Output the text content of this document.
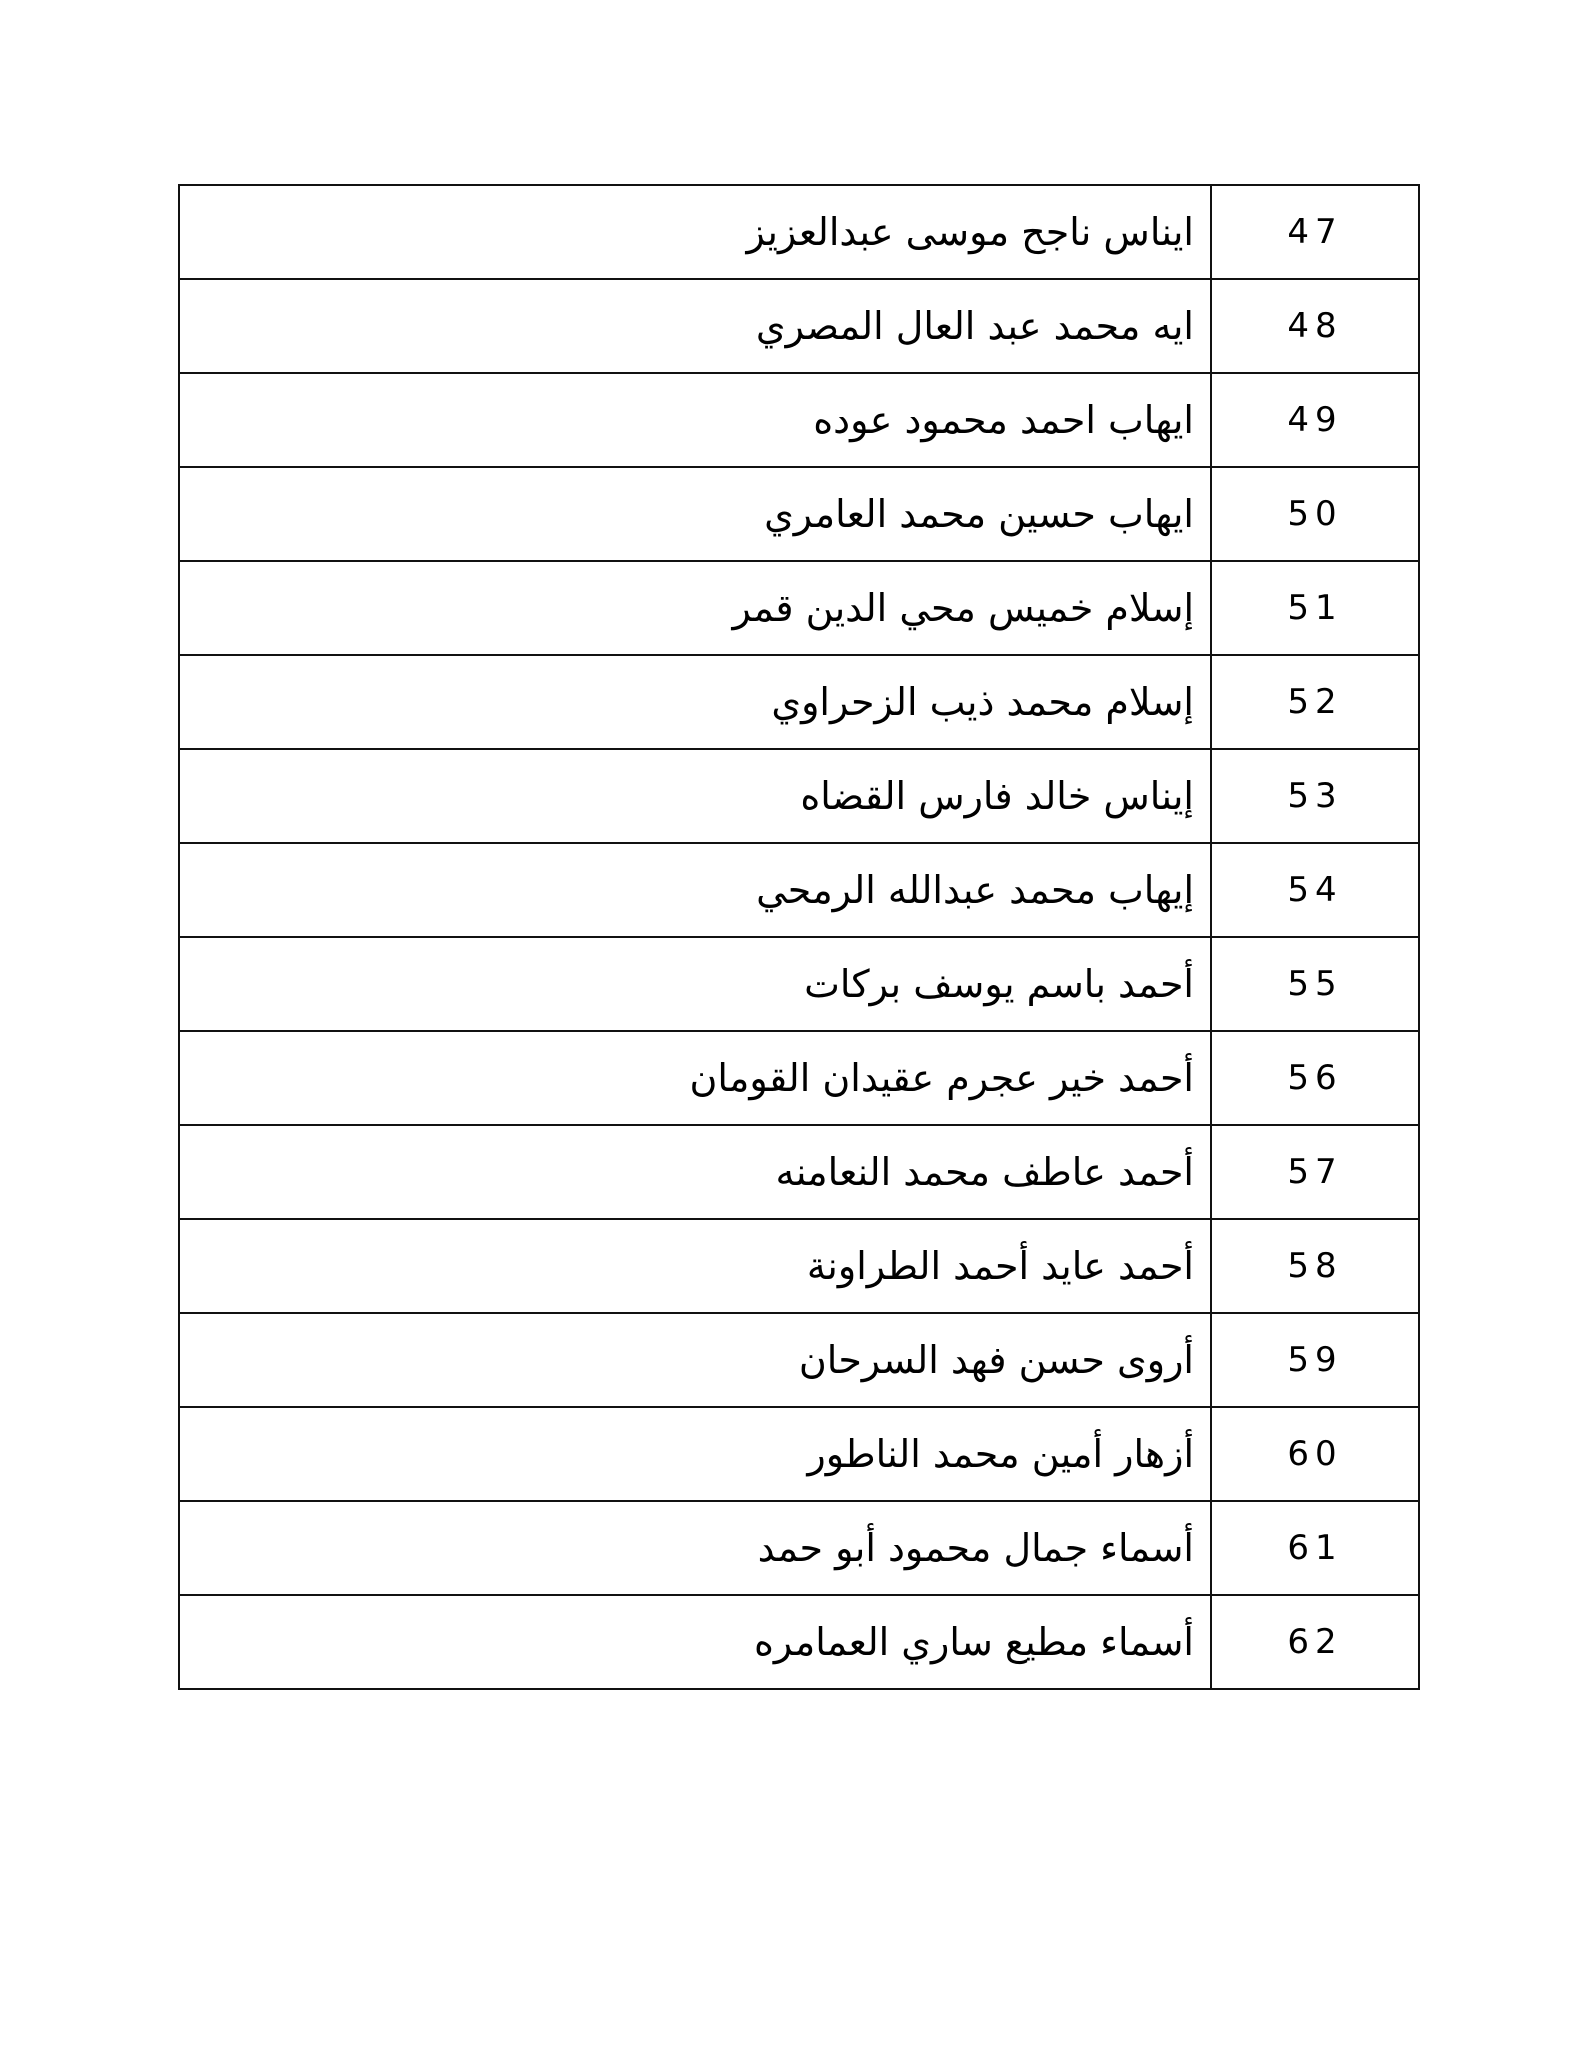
ايناس ناجح موسى عبدالعزيز	47
ايه محمد عبد العال المصري	48
ايهاب احمد محمود عوده	49
ايهاب حسين محمد العامري	50
إسلام خميس محي الدين قمر	51
إسلام محمد ذيب الزحراوي	52
إيناس خالد فارس القضاه	53
إيهاب محمد عبدالله الرمحي	54
أحمد باسم يوسف بركات	55
أحمد خير عجرم عقيدان القومان	56
أحمد عاطف محمد النعامنه	57
أحمد عايد أحمد الطراونة	58
أروى حسن فهد السرحان	59
أزهار أمين محمد الناطور	60
أسماء جمال محمود أبو حمد	61
أسماء مطيع ساري العمامره	62
